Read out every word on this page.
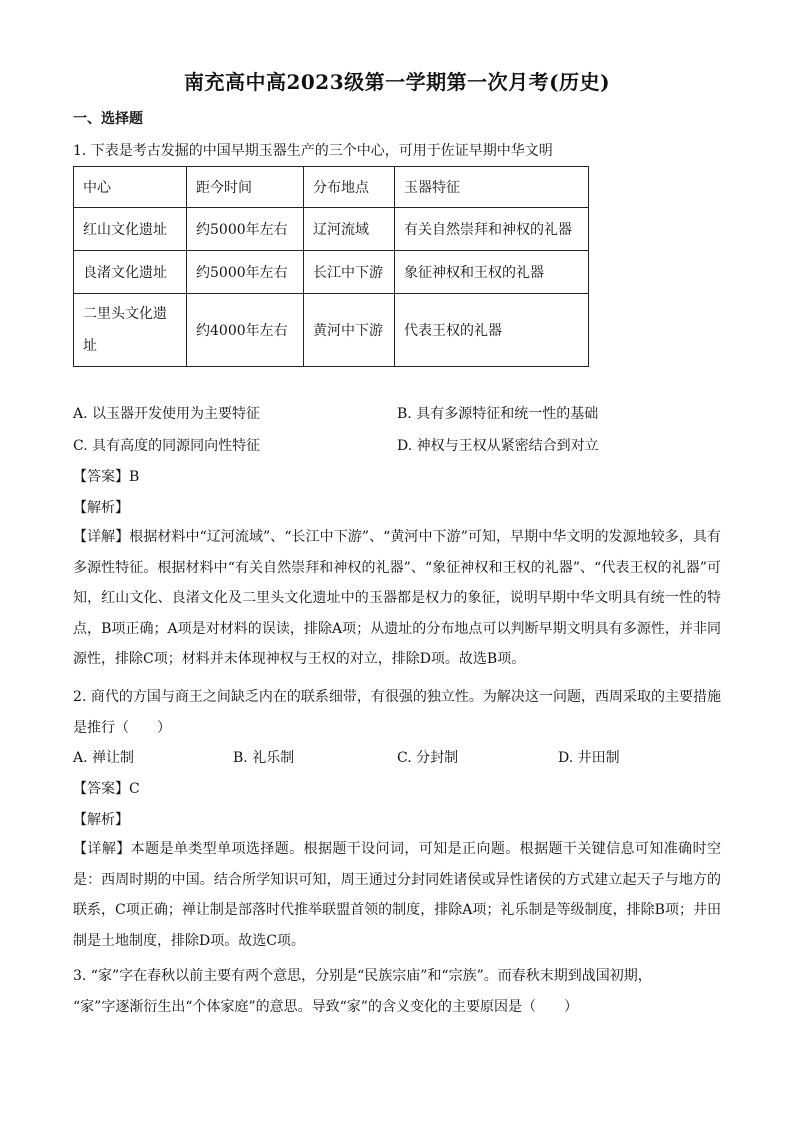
南充高中高2023级第一学期第一次月考(历史)
一、选择题
1. 下表是考古发掘的中国早期玉器生产的三个中心，可用于佐证早期中华文明
中心	距今时间	分布地点	玉器特征
红山文化遗址	约5000年左右	辽河流域	有关自然崇拜和神权的礼器
良渚文化遗址	约5000年左右	长江中下游	象征神权和王权的礼器
二里头文化遗址	约4000年左右	黄河中下游	代表王权的礼器
A. 以玉器开发使用为主要特征	B. 具有多源特征和统一性的基础
C. 具有高度的同源同向性特征	D. 神权与王权从紧密结合到对立
【答案】B
【解析】
【详解】根据材料中“辽河流域”、“长江中下游”、“黄河中下游”可知，早期中华文明的发源地较多，具有多源性特征。根据材料中“有关自然崇拜和神权的礼器”、“象征神权和王权的礼器”、“代表王权的礼器”可知，红山文化、良渚文化及二里头文化遗址中的玉器都是权力的象征，说明早期中华文明具有统一性的特点，B项正确；A项是对材料的误读，排除A项；从遗址的分布地点可以判断早期文明具有多源性，并非同源性，排除C项；材料并未体现神权与王权的对立，排除D项。故选B项。
2. 商代的方国与商王之间缺乏内在的联系细带，有很强的独立性。为解决这一问题，西周采取的主要措施是推行（　　）
A. 禅让制	B. 礼乐制	C. 分封制	D. 井田制
【答案】C
【解析】
【详解】本题是单类型单项选择题。根据题干设问词，可知是正向题。根据题干关键信息可知准确时空是：西周时期的中国。结合所学知识可知，周王通过分封同姓诸侯或异性诸侯的方式建立起天子与地方的联系，C项正确；禅让制是部落时代推举联盟首领的制度，排除A项；礼乐制是等级制度，排除B项；井田制是土地制度，排除D项。故选C项。
3. “家”字在春秋以前主要有两个意思，分别是“民族宗庙”和“宗族”。而春秋末期到战国初期，
“家”字逐渐衍生出“个体家庭”的意思。导致“家”的含义变化的主要原因是（　　）
